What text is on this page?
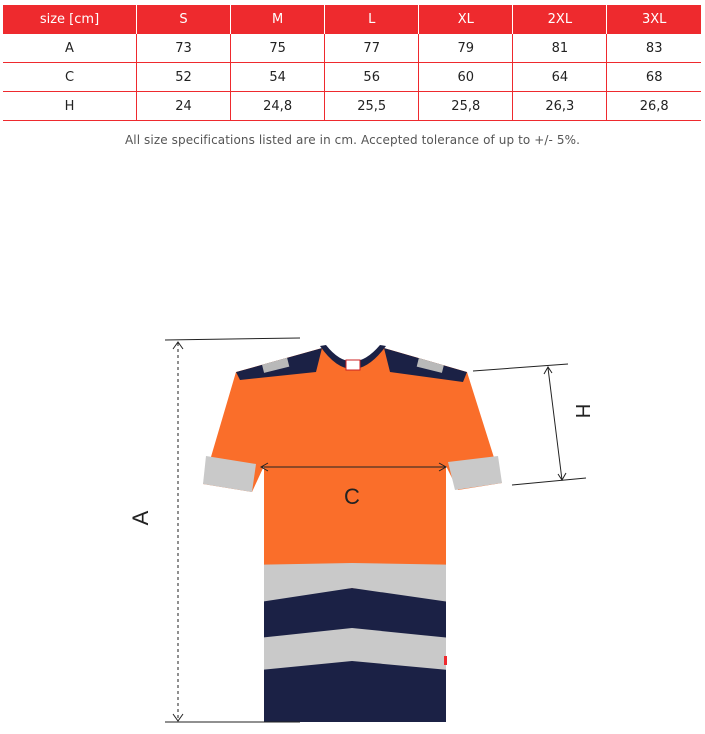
size [cm]	S	M	L	XL	2XL	3XL
A	73	75	77	79	81	83
C	52	54	56	60	64	68
H	24	24,8	25,5	25,8	26,3	26,8
All size specifications listed are in cm. Accepted tolerance of up to +/- 5%.
A
C
H
